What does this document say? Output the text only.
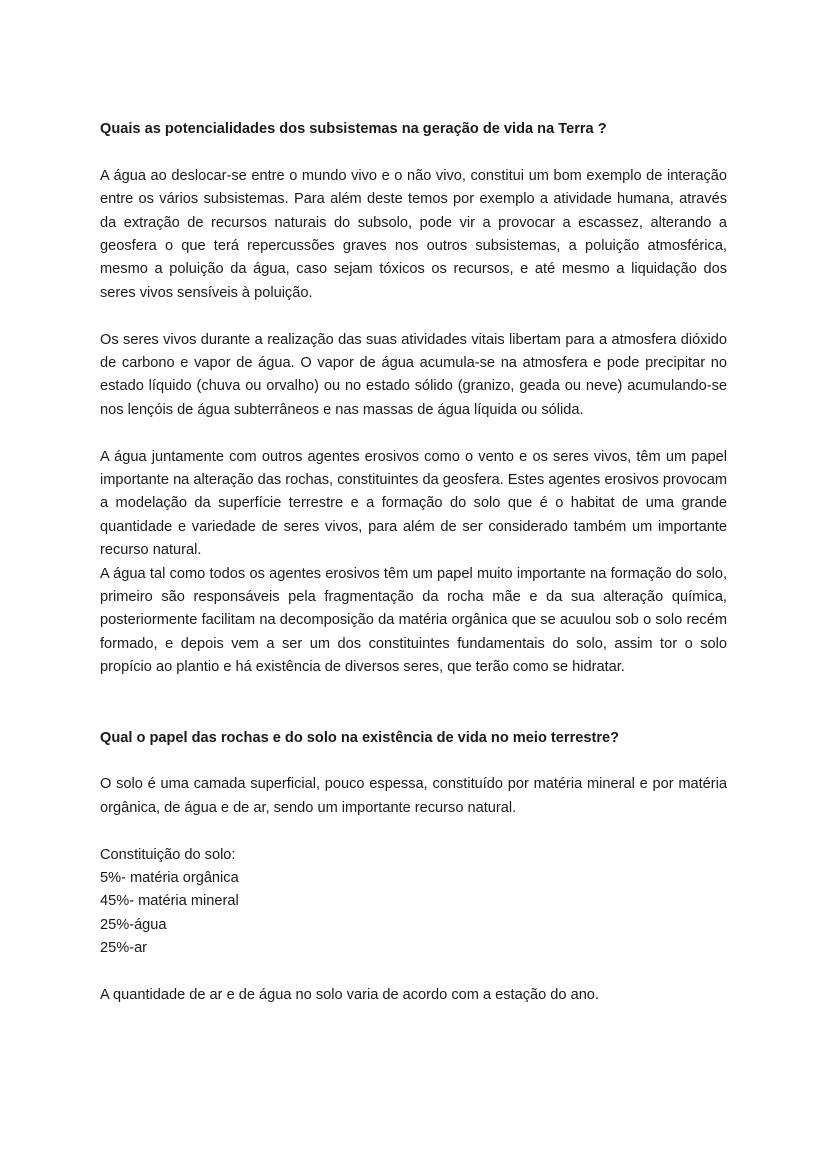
Quais as potencialidades dos subsistemas na geração de vida na Terra ?

A água ao deslocar-se entre o mundo vivo e o não vivo, constitui um bom exemplo de interação entre os vários subsistemas. Para além deste temos por exemplo a atividade humana, através da extração de recursos naturais do subsolo, pode vir a provocar a escassez, alterando a geosfera o que terá repercussões graves nos outros subsistemas, a poluição atmosférica, mesmo a poluição da água, caso sejam tóxicos os recursos, e até mesmo a liquidação dos seres vivos sensíveis à poluição.

Os seres vivos durante a realização das suas atividades vitais libertam para a atmosfera dióxido de carbono e vapor de água. O vapor de água acumula-se na atmosfera e pode precipitar no estado líquido (chuva ou orvalho) ou no estado sólido (granizo, geada ou neve) acumulando-se nos lençóis de água subterrâneos e nas massas de água líquida ou sólida.

A água juntamente com outros agentes erosivos como o vento e os seres vivos, têm um papel importante na alteração das rochas, constituintes da geosfera. Estes agentes erosivos provocam a modelação da superfície terrestre e a formação do solo que é o habitat de uma grande quantidade e variedade de seres vivos, para além de ser considerado também um importante recurso natural.

A água tal como todos os agentes erosivos têm um papel muito importante na formação do solo, primeiro são responsáveis pela fragmentação da rocha mãe e da sua alteração química, posteriormente facilitam na decomposição da matéria orgânica que se acuulou sob o solo recém formado, e depois vem a ser um dos constituintes fundamentais do solo, assim tor o solo propício ao plantio e há existência de diversos seres, que terão como se hidratar.

Qual o papel das rochas e do solo na existência de vida no meio terrestre?

O solo é uma camada superficial, pouco espessa, constituído por matéria mineral e por matéria orgânica, de água e de ar, sendo um importante recurso natural.

Constituição do solo:

5%- matéria orgânica
45%- matéria mineral
25%-água
25%-ar

A quantidade de ar e de água no solo varia de acordo com a estação do ano.
